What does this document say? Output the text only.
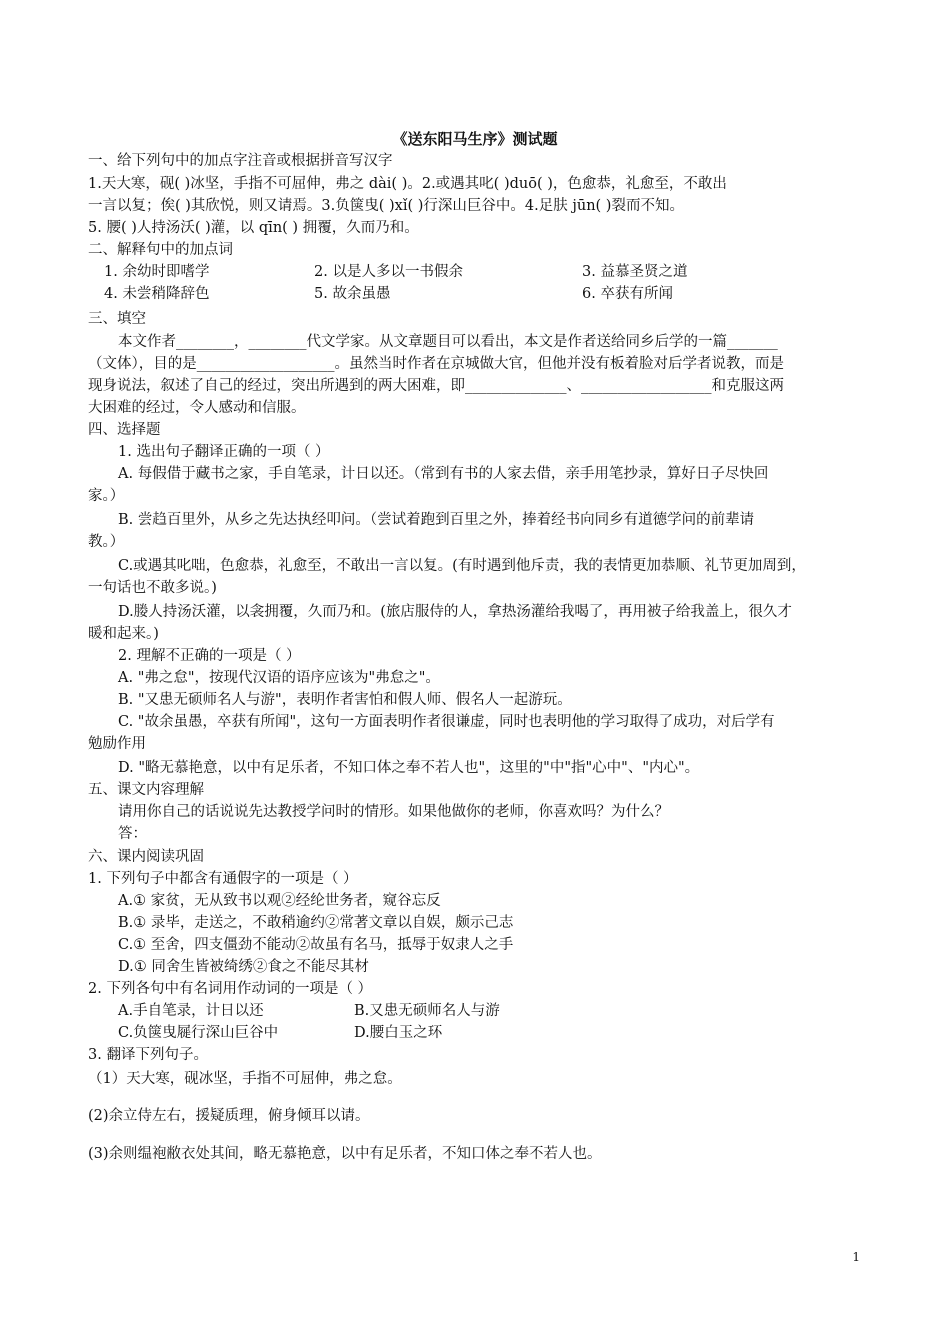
《送东阳马生序》测试题
一、给下列句中的加点字注音或根据拼音写汉字
1.天大寒，砚( )冰坚，手指不可屈伸，弗之 dài( )。2.或遇其叱( )duō( )，色愈恭，礼愈至，不敢出
一言以复；俟( )其欣悦，则又请焉。3.负箧曳( )xǐ( )行深山巨谷中。4.足肤 jūn( )裂而不知。
5. 腰( )人持汤沃( )灌，以 qīn( ) 拥覆，久而乃和。
二、解释句中的加点词
1. 余幼时即嗜学	2. 以是人多以一书假余	3. 益慕圣贤之道
4. 未尝稍降辞色	5. 故余虽愚	6. 卒获有所闻
三、填空
本文作者________，________代文学家。从文章题目可以看出，本文是作者送给同乡后学的一篇_______
（文体），目的是___________________。虽然当时作者在京城做大官，但他并没有板着脸对后学者说教，而是
现身说法，叙述了自己的经过，突出所遇到的两大困难，即______________、__________________和克服这两
大困难的经过，令人感动和信服。
四、选择题
1. 选出句子翻译正确的一项（ ）
A. 每假借于藏书之家，手自笔录，计日以还。（常到有书的人家去借，亲手用笔抄录，算好日子尽快回
家。）
B. 尝趋百里外，从乡之先达执经叩问。（尝试着跑到百里之外，捧着经书向同乡有道德学问的前辈请
教。）
C.或遇其叱咄，色愈恭，礼愈至，不敢出一言以复。(有时遇到他斥责，我的表情更加恭顺、礼节更加周到，
一句话也不敢多说。)
D.媵人持汤沃灌，以衾拥覆，久而乃和。(旅店服侍的人，拿热汤灌给我喝了，再用被子给我盖上，很久才
暖和起来。)
2. 理解不正确的一项是（ ）
A. "弗之怠"，按现代汉语的语序应该为"弗怠之"。
B. "又患无硕师名人与游"，表明作者害怕和假人师、假名人一起游玩。
C. "故余虽愚，卒获有所闻"，这句一方面表明作者很谦虚，同时也表明他的学习取得了成功，对后学有
勉励作用
D. "略无慕艳意，以中有足乐者，不知口体之奉不若人也"，这里的"中"指"心中"、"内心"。
五、课文内容理解
请用你自己的话说说先达教授学问时的情形。如果他做你的老师，你喜欢吗？为什么？
答：
六、课内阅读巩固
1. 下列句子中都含有通假字的一项是（ ）
A.① 家贫，无从致书以观②经纶世务者，窥谷忘反
B.① 录毕，走送之，不敢稍逾约②常著文章以自娱，颇示己志
C.① 至舍，四支僵劲不能动②故虽有名马，抵辱于奴隶人之手
D.① 同舍生皆被绮绣②食之不能尽其材
2. 下列各句中有名词用作动词的一项是（ ）
A.手自笔录，计日以还	B.又患无硕师名人与游
C.负箧曳屣行深山巨谷中	D.腰白玉之环
3. 翻译下列句子。
（1）天大寒，砚冰坚，手指不可屈伸，弗之怠。
(2)余立侍左右，援疑质理，俯身倾耳以请。
(3)余则缊袍敝衣处其间，略无慕艳意，以中有足乐者，不知口体之奉不若人也。
1
